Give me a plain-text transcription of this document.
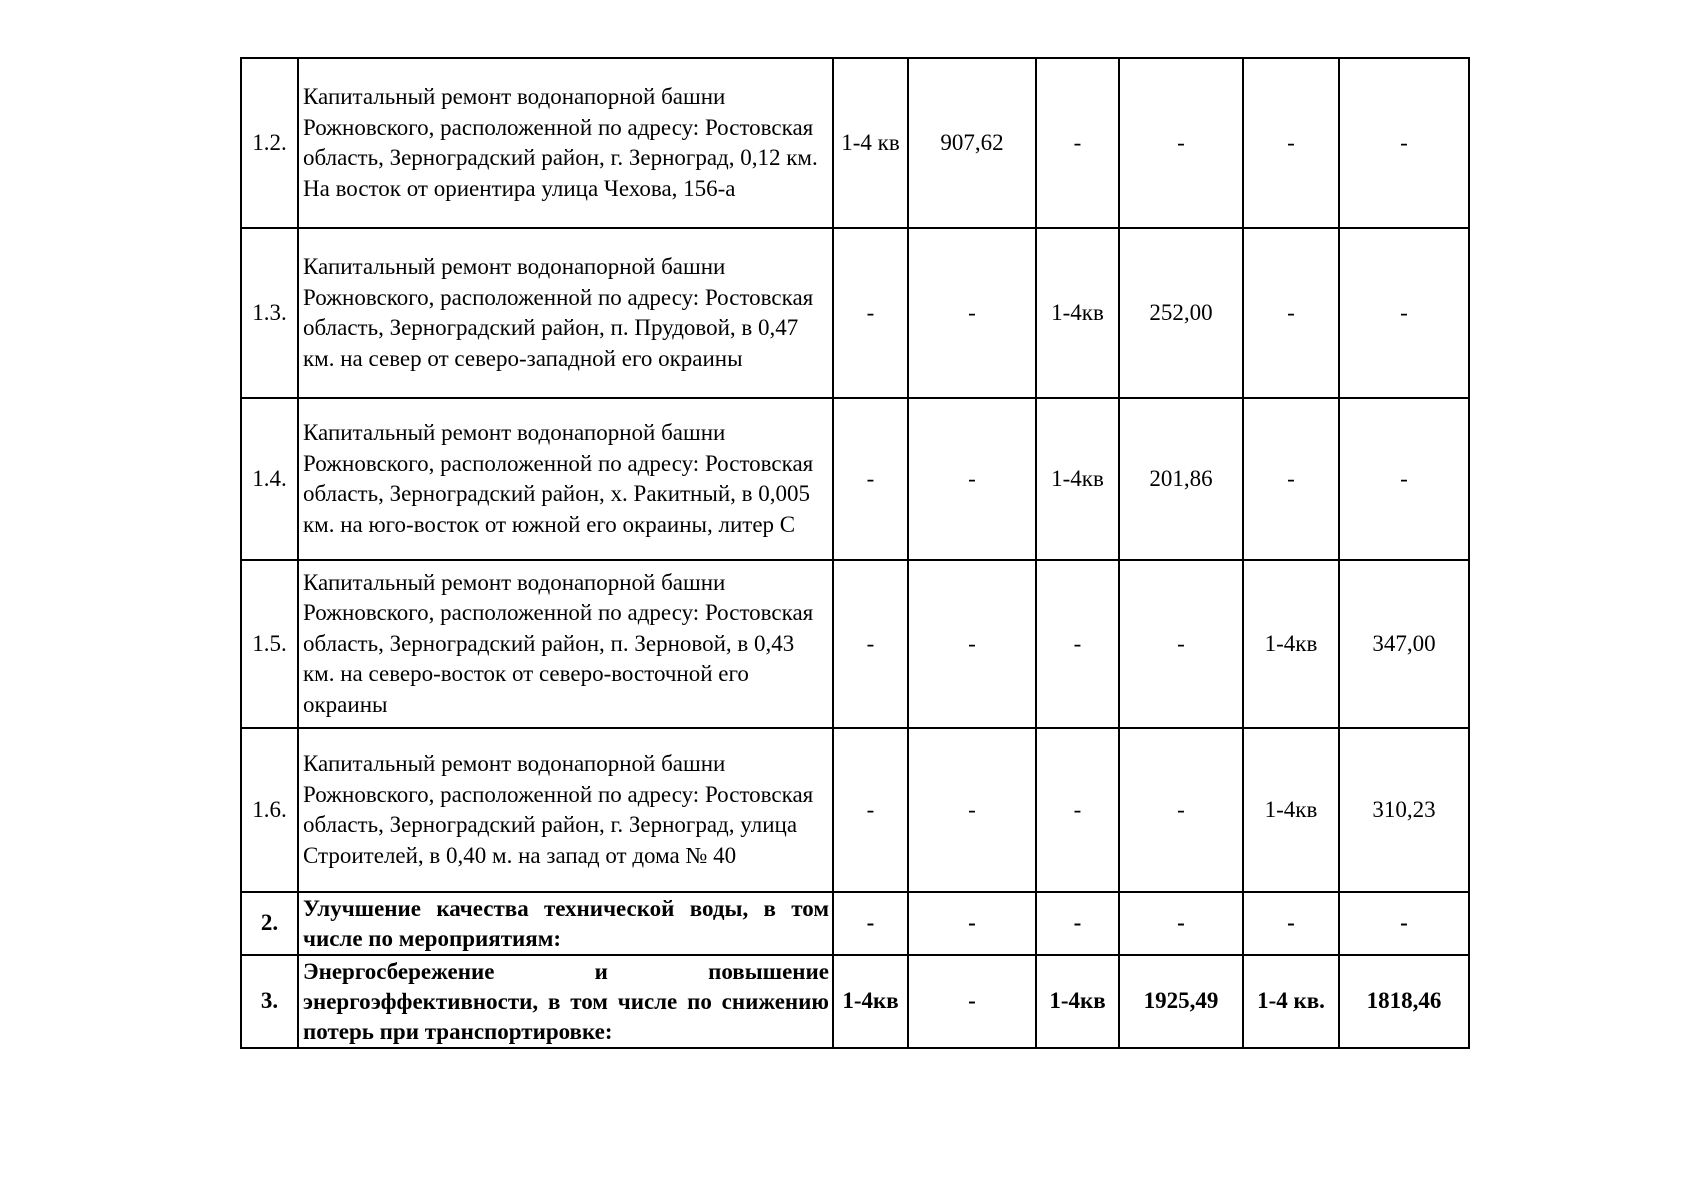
1.2.	Капитальный ремонт водонапорной башни Рожновского, расположенной по адресу: Ростовская область, Зерноградский район, г. Зерноград, 0,12 км. На восток от ориентира улица Чехова, 156-а	1-4 кв	907,62	-	-	-	-
1.3.	Капитальный ремонт водонапорной башни Рожновского, расположенной по адресу: Ростовская область, Зерноградский район, п. Прудовой, в 0,47 км. на север от северо-западной его окраины	-	-	1-4кв	252,00	-	-
1.4.	Капитальный ремонт водонапорной башни Рожновского, расположенной по адресу: Ростовская область, Зерноградский район, х. Ракитный, в 0,005 км. на юго-восток от южной его окраины, литер С	-	-	1-4кв	201,86	-	-
1.5.	Капитальный ремонт водонапорной башни Рожновского, расположенной по адресу: Ростовская область, Зерноградский район, п. Зерновой, в 0,43 км. на северо-восток от северо-восточной его окраины	-	-	-	-	1-4кв	347,00
1.6.	Капитальный ремонт водонапорной башни Рожновского, расположенной по адресу: Ростовская область, Зерноградский район, г. Зерноград, улица Строителей, в 0,40 м. на запад от дома № 40	-	-	-	-	1-4кв	310,23
2.	Улучшение качества технической воды, в том числе по мероприятиям:	-	-	-	-	-	-
3.	Энергосбережение и повышение энергоэффективности, в том числе по снижению потерь при транспортировке:	1-4кв	-	1-4кв	1925,49	1-4 кв.	1818,46
